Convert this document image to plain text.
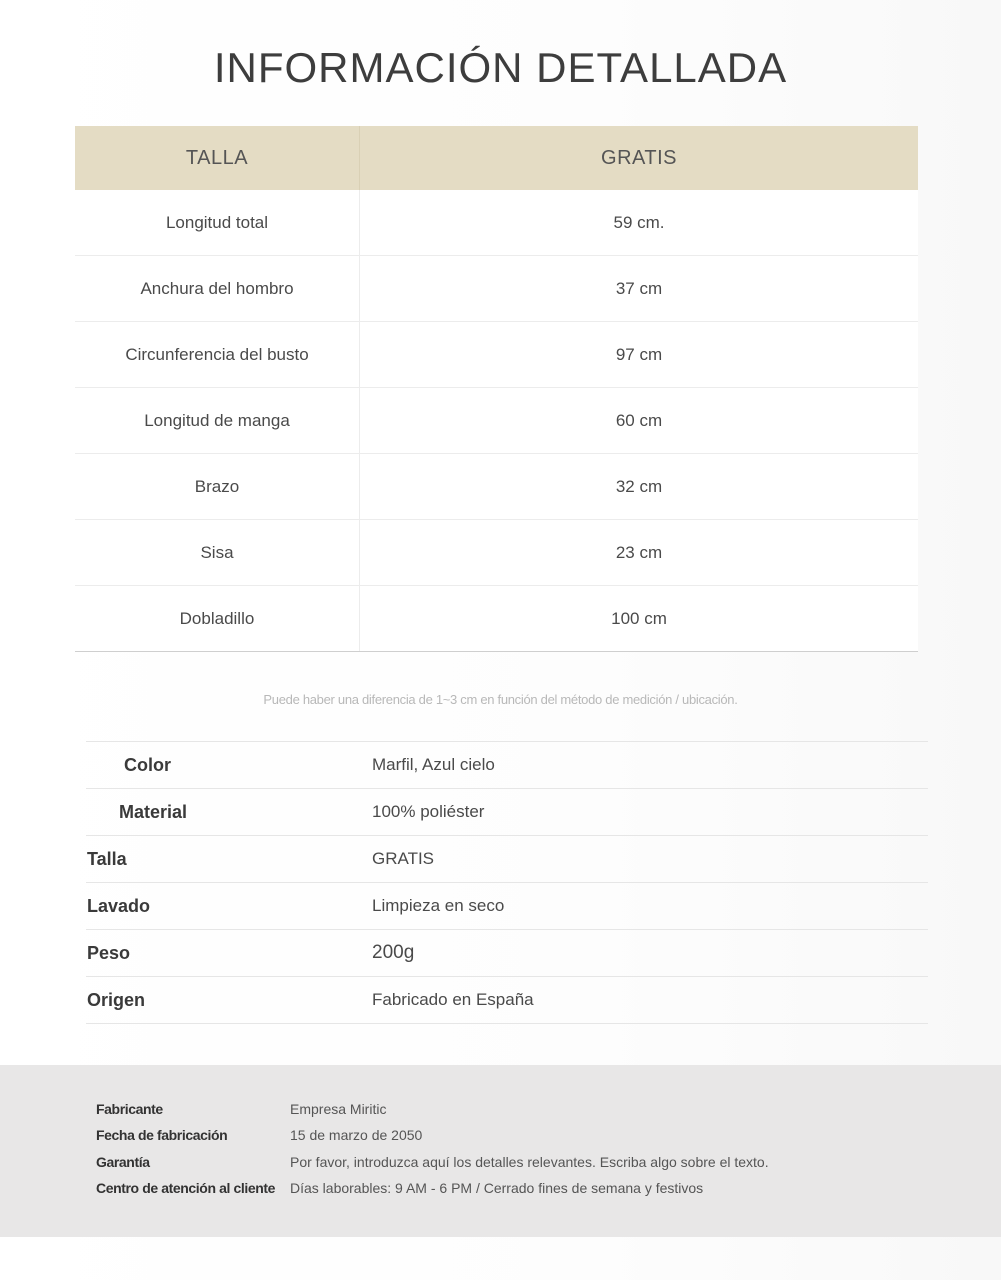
INFORMACIÓN DETALLADA
TALLA	GRATIS
Longitud total	59 cm.
Anchura del hombro	37 cm
Circunferencia del busto	97 cm
Longitud de manga	60 cm
Brazo	32 cm
Sisa	23 cm
Dobladillo	100 cm
Puede haber una diferencia de 1~3 cm en función del método de medición / ubicación.
Color	Marfil, Azul cielo
Material	100% poliéster
Talla	GRATIS
Lavado	Limpieza en seco
Peso	200g
Origen	Fabricado en España
Fabricante	Empresa Miritic
Fecha de fabricación	15 de marzo de 2050
Garantía	Por favor, introduzca aquí los detalles relevantes. Escriba algo sobre el texto.
Centro de atención al cliente	Días laborables: 9 AM - 6 PM / Cerrado fines de semana y festivos
